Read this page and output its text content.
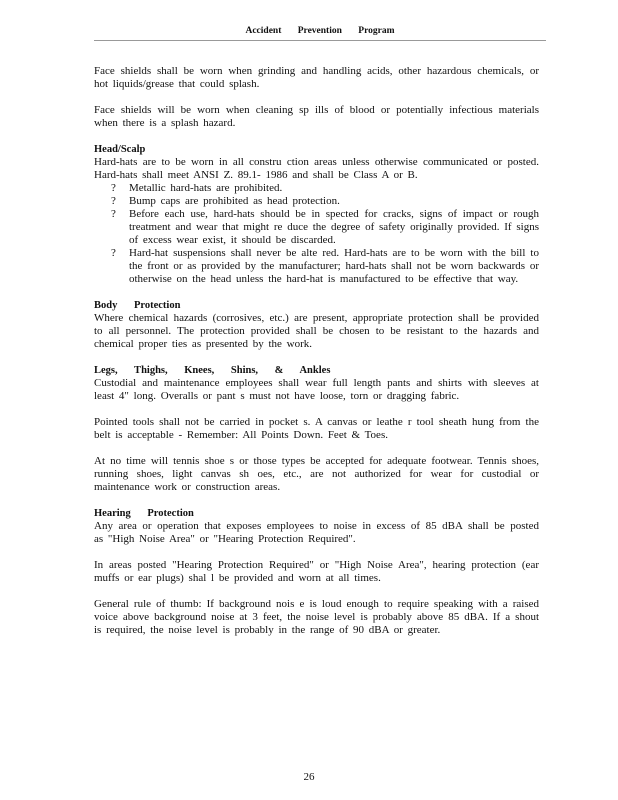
Accident Prevention Program

Face shields shall be worn when grinding and handling acids, other hazardous chemicals, or hot liquids/grease that could splash.

Face shields will be worn when cleaning sp ills of blood or potentially infectious materials when there is a splash hazard.

Head/Scalp

Hard-hats are to be worn in all constru ction areas unless otherwise communicated or posted. Hard-hats shall meet ANSI Z. 89.1- 1986 and shall be Class A or B.

?	Metallic hard-hats are prohibited.
?	Bump caps are prohibited as head protection.
?	Before each use, hard-hats should be in spected for cracks, signs of impact or rough treatment and wear that might re duce the degree of safety originally provided. If signs of excess wear exist, it should be discarded.
?	Hard-hat suspensions shall never be alte red. Hard-hats are to be worn with the bill to the front or as provided by the manufacturer; hard-hats shall not be worn backwards or otherwise on the head unless the hard-hat is manufactured to be effective that way.
Body Protection

Where chemical hazards (corrosives, etc.) are present, appropriate protection shall be provided to all personnel. The protection provided shall be chosen to be resistant to the hazards and chemical proper ties as presented by the work.

Legs, Thighs, Knees, Shins, & Ankles

Custodial and maintenance employees shall wear full length pants and shirts with sleeves at least 4" long. Overalls or pant s must not have loose, torn or dragging fabric.

Pointed tools shall not be carried in pocket s. A canvas or leathe r tool sheath hung from the belt is acceptable - Remember: All Points Down. Feet & Toes.

At no time will tennis shoe s or those types be accepted for adequate footwear. Tennis shoes, running shoes, light canvas sh oes, etc., are not authorized for wear for custodial or maintenance work or construction areas.

Hearing Protection

Any area or operation that exposes employees to noise in excess of 85 dBA shall be posted as "High Noise Area" or "Hearing Protection Required".

In areas posted "Hearing Protection Required" or "High Noise Area", hearing protection (ear muffs or ear plugs) shal l be provided and worn at all times.

General rule of thumb: If background nois e is loud enough to require speaking with a raised voice above background noise at 3 feet, the noise level is probably above 85 dBA. If a shout is required, the noise level is probably in the range of 90 dBA or greater.

26
